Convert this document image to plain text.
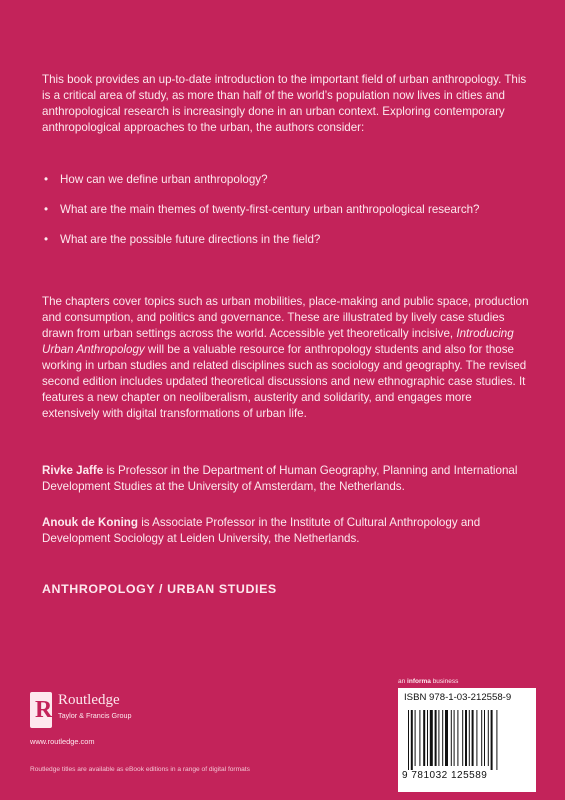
This book provides an up-to-date introduction to the important field of urban anthropology. This is a critical area of study, as more than half of the world’s population now lives in cities and anthropological research is increasingly done in an urban context. Exploring contemporary anthropological approaches to the urban, the authors consider:

• How can we define urban anthropology?
• What are the main themes of twenty-first-century urban anthropological research?
• What are the possible future directions in the field?

The chapters cover topics such as urban mobilities, place-making and public space, production and consumption, and politics and governance. These are illustrated by lively case studies drawn from urban settings across the world. Accessible yet theoretically incisive, Introducing Urban Anthropology will be a valuable resource for anthropology students and also for those working in urban studies and related disciplines such as sociology and geography. The revised second edition includes updated theoretical discussions and new ethnographic case studies. It features a new chapter on neoliberalism, austerity and solidarity, and engages more extensively with digital transformations of urban life.

Rivke Jaffe is Professor in the Department of Human Geography, Planning and International Development Studies at the University of Amsterdam, the Netherlands.

Anouk de Koning is Associate Professor in the Institute of Cultural Anthropology and Development Sociology at Leiden University, the Netherlands.

ANTHROPOLOGY / URBAN STUDIES
R Routledge
Taylor & Francis Group
www.routledge.com
Routledge titles are available as eBook editions in a range of digital formats
an informa business
ISBN 978-1-03-212558-9
9 781032 125589
